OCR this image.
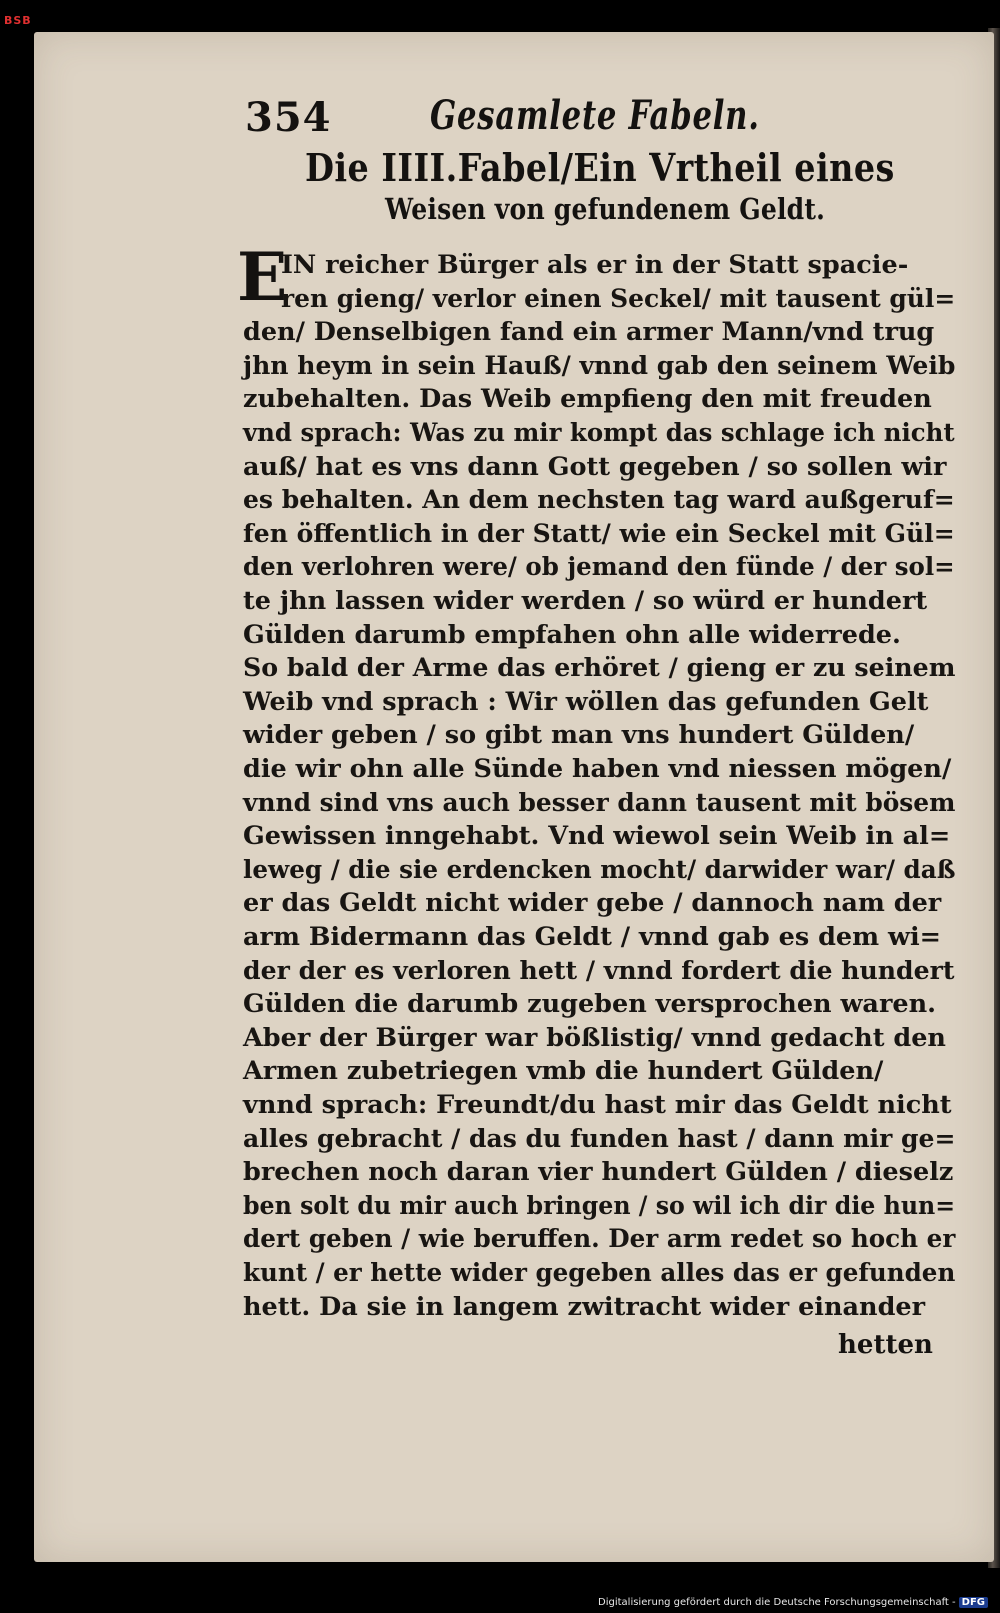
BSB
354 Gesamlete Fabeln.
Die IIII.Fabel/Ein Vrtheil eines
Weisen von gefundenem Geldt.
E
IN reicher Bürger als er in der Statt spacie-
ren gieng/ verlor einen Seckel/ mit tausent gül=
den/ Denselbigen fand ein armer Mann/vnd trug
jhn heym in sein Hauß/ vnnd gab den seinem Weib
zubehalten. Das Weib empfieng den mit freuden
vnd sprach: Was zu mir kompt das schlage ich nicht
auß/ hat es vns dann Gott gegeben / so sollen wir
es behalten. An dem nechsten tag ward außgeruf=
fen öffentlich in der Statt/ wie ein Seckel mit Gül=
den verlohren were/ ob jemand den fünde / der sol=
te jhn lassen wider werden / so würd er hundert
Gülden darumb empfahen ohn alle widerrede.
So bald der Arme das erhöret / gieng er zu seinem
Weib vnd sprach : Wir wöllen das gefunden Gelt
wider geben / so gibt man vns hundert Gülden/
die wir ohn alle Sünde haben vnd niessen mögen/
vnnd sind vns auch besser dann tausent mit bösem
Gewissen inngehabt. Vnd wiewol sein Weib in al=
leweg / die sie erdencken mocht/ darwider war/ daß
er das Geldt nicht wider gebe / dannoch nam der
arm Bidermann das Geldt / vnnd gab es dem wi=
der der es verloren hett / vnnd fordert die hundert
Gülden die darumb zugeben versprochen waren.
Aber der Bürger war bößlistig/ vnnd gedacht den
Armen zubetriegen vmb die hundert Gülden/
vnnd sprach: Freundt/du hast mir das Geldt nicht
alles gebracht / das du funden hast / dann mir ge=
brechen noch daran vier hundert Gülden / dieselz
ben solt du mir auch bringen / so wil ich dir die hun=
dert geben / wie beruffen. Der arm redet so hoch er
kunt / er hette wider gegeben alles das er gefunden
hett. Da sie in langem zwitracht wider einander
hetten
Digitalisierung gefördert durch die Deutsche Forschungsgemeinschaft - DFG
